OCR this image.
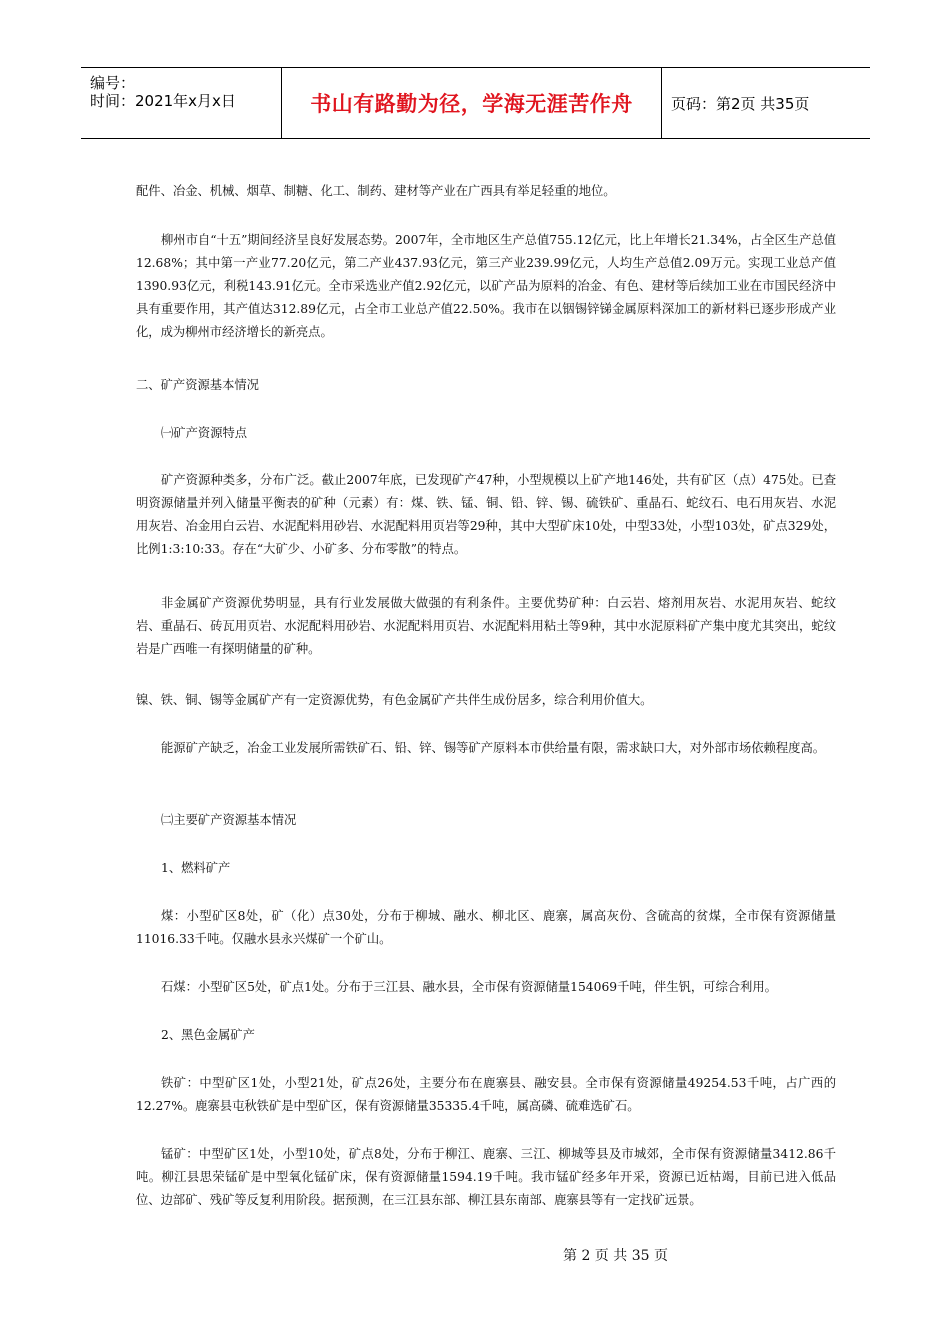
编号：
时间：2021年x月x日	书山有路勤为径，学海无涯苦作舟	页码：第2页 共35页
配件、冶金、机械、烟草、制糖、化工、制药、建材等产业在广西具有举足轻重的地位。
柳州市自“十五”期间经济呈良好发展态势。2007年，全市地区生产总值755.12亿元，比上年增长21.34%，占全区生产总值12.68%；其中第一产业77.20亿元，第二产业437.93亿元，第三产业239.99亿元，人均生产总值2.09万元。实现工业总产值1390.93亿元，利税143.91亿元。全市采选业产值2.92亿元，以矿产品为原料的冶金、有色、建材等后续加工业在市国民经济中具有重要作用，其产值达312.89亿元，占全市工业总产值22.50%。我市在以铟锡锌锑金属原料深加工的新材料已逐步形成产业化，成为柳州市经济增长的新亮点。
二、矿产资源基本情况
㈠矿产资源特点
矿产资源种类多，分布广泛。截止2007年底，已发现矿产47种，小型规模以上矿产地146处，共有矿区（点）475处。已查明资源储量并列入储量平衡表的矿种（元素）有：煤、铁、锰、铜、铅、锌、锡、硫铁矿、重晶石、蛇纹石、电石用灰岩、水泥用灰岩、冶金用白云岩、水泥配料用砂岩、水泥配料用页岩等29种，其中大型矿床10处，中型33处，小型103处，矿点329处，比例1:3:10:33。存在“大矿少、小矿多、分布零散”的特点。
非金属矿产资源优势明显，具有行业发展做大做强的有利条件。主要优势矿种：白云岩、熔剂用灰岩、水泥用灰岩、蛇纹岩、重晶石、砖瓦用页岩、水泥配料用砂岩、水泥配料用页岩、水泥配料用粘土等9种，其中水泥原料矿产集中度尤其突出，蛇纹岩是广西唯一有探明储量的矿种。
镍、铁、铜、锡等金属矿产有一定资源优势，有色金属矿产共伴生成份居多，综合利用价值大。
能源矿产缺乏，冶金工业发展所需铁矿石、铅、锌、锡等矿产原料本市供给量有限，需求缺口大，对外部市场依赖程度高。
㈡主要矿产资源基本情况
1、燃料矿产
煤：小型矿区8处，矿（化）点30处，分布于柳城、融水、柳北区、鹿寨，属高灰份、含硫高的贫煤，全市保有资源储量11016.33千吨。仅融水县永兴煤矿一个矿山。
石煤：小型矿区5处，矿点1处。分布于三江县、融水县，全市保有资源储量154069千吨，伴生钒，可综合利用。
2、黑色金属矿产
铁矿：中型矿区1处，小型21处，矿点26处，主要分布在鹿寨县、融安县。全市保有资源储量49254.53千吨，占广西的12.27%。鹿寨县屯秋铁矿是中型矿区，保有资源储量35335.4千吨，属高磷、硫难选矿石。
锰矿：中型矿区1处，小型10处，矿点8处，分布于柳江、鹿寨、三江、柳城等县及市城郊，全市保有资源储量3412.86千吨。柳江县思荣锰矿是中型氧化锰矿床，保有资源储量1594.19千吨。我市锰矿经多年开采，资源已近枯竭，目前已进入低品位、边部矿、残矿等反复利用阶段。据预测，在三江县东部、柳江县东南部、鹿寨县等有一定找矿远景。
第 2 页 共 35 页
